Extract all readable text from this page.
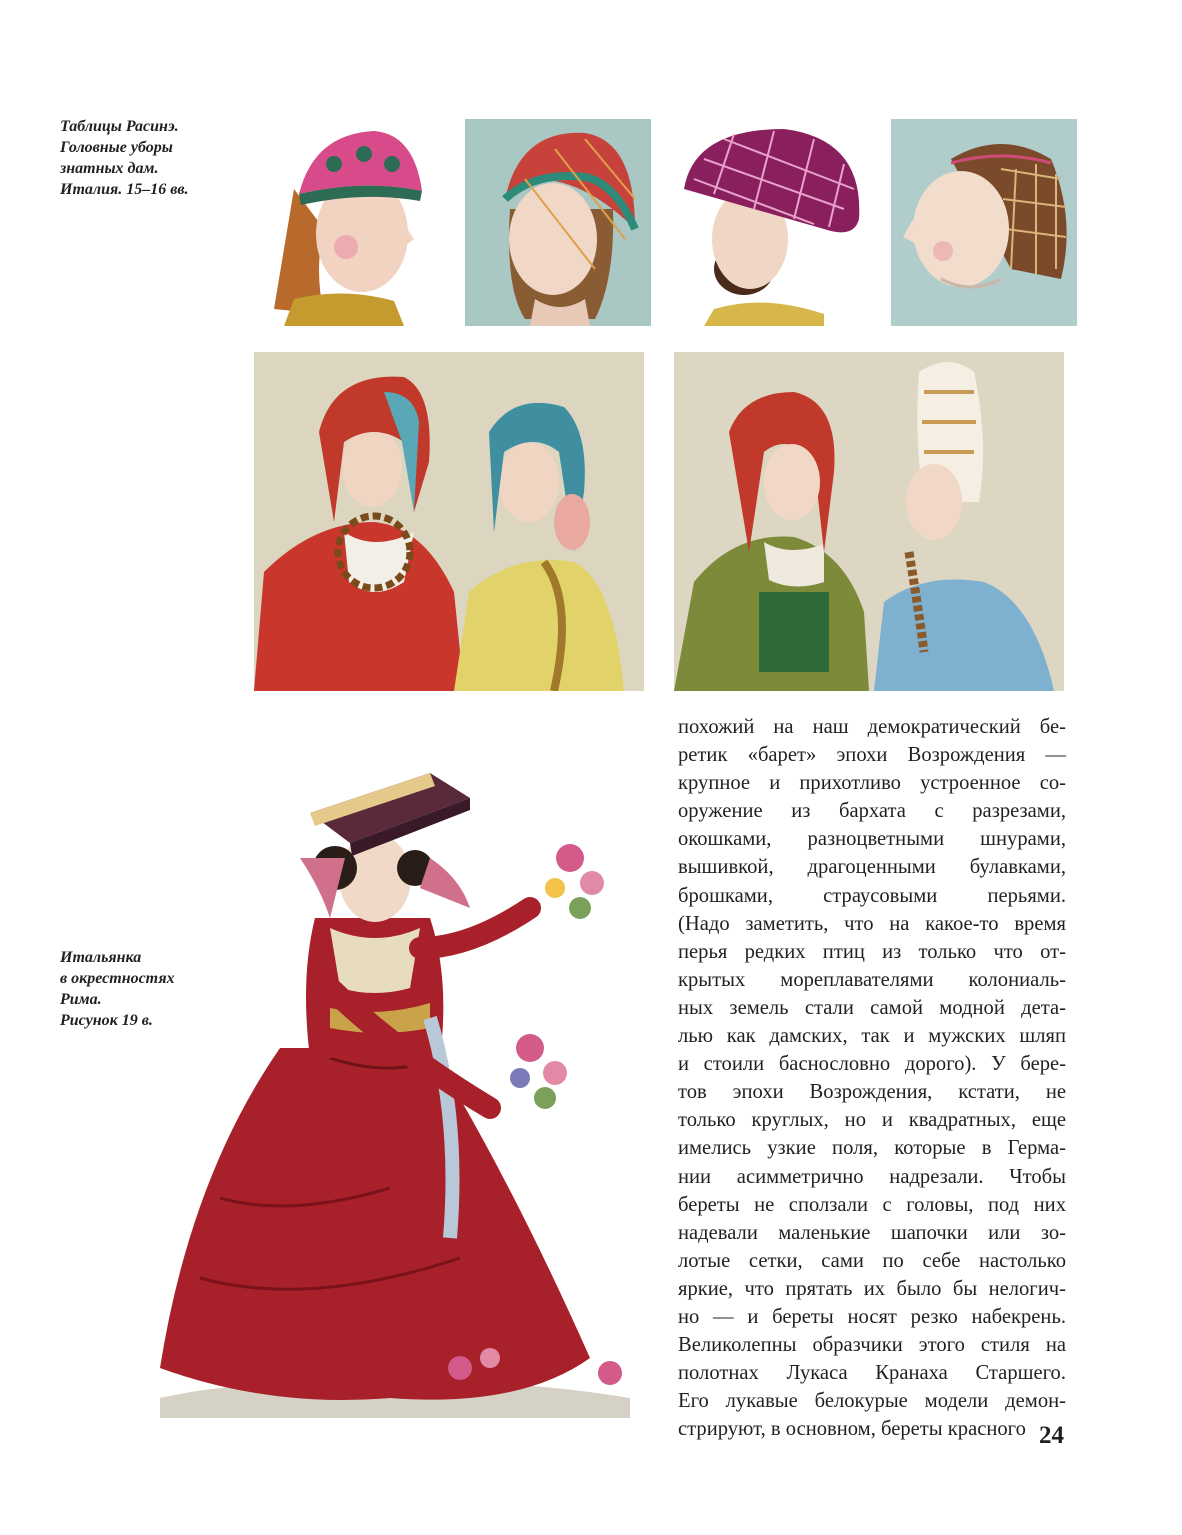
Таблицы Расинэ.
Головные уборы
знатных дам.
Италия. 15–16 вв.
Итальянка
в окрестностях
Рима.
Рисунок 19 в.
похожий на наш демократический бе-
ретик «барет» эпохи Возрождения —
крупное и прихотливо устроенное со-
оружение из бархата с разрезами,
окошками, разноцветными шнурами,
вышивкой, драгоценными булавками,
брошками, страусовыми перьями.
(Надо заметить, что на какое-то время
перья редких птиц из только что от-
крытых мореплавателями колониаль-
ных земель стали самой модной дета-
лью как дамских, так и мужских шляп
и стоили баснословно дорого). У бере-
тов эпохи Возрождения, кстати, не
только круглых, но и квадратных, еще
имелись узкие поля, которые в Герма-
нии асимметрично надрезали. Чтобы
береты не сползали с головы, под них
надевали маленькие шапочки или зо-
лотые сетки, сами по себе настолько
яркие, что прятать их было бы нелогич-
но — и береты носят резко набекрень.
Великолепны образчики этого стиля на
полотнах Лукаса Кранаха Старшего.
Его лукавые белокурые модели демон-
стрируют, в основном, береты красного 24
